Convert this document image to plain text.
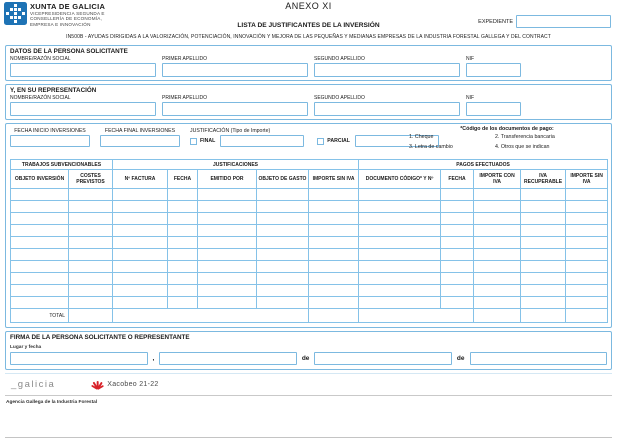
XUNTA DE GALICIA
VICEPRESIDENCIA SEGUNDA E
CONSELLERÍA DE ECONOMÍA,
EMPRESA E INNOVACIÓN
ANEXO XI
LISTA DE JUSTIFICANTES DE LA INVERSIÓN
EXPEDIENTE
IN500B - AYUDAS DIRIGIDAS A LA VALORIZACIÓN, POTENCIACIÓN, INNOVACIÓN Y MEJORA DE LAS PEQUEÑAS Y MEDIANAS EMPRESAS DE LA INDUSTRIA FORESTAL GALLEGA Y DEL CONTRACT
DATOS DE LA PERSONA SOLICITANTE
NOMBRE/RAZÓN SOCIAL	PRIMER APELLIDO	SEGUNDO APELLIDO	NIF
Y, EN SU REPRESENTACIÓN
NOMBRE/RAZÓN SOCIAL	PRIMER APELLIDO	SEGUNDO APELLIDO	NIF
FECHA INICIO INVERSIONES	FECHA FINAL INVERSIONES	JUSTIFICACIÓN (Tipo de Importe)
FINAL	PARCIAL
*Código de los documentos de pago:
1. Cheque	2. Transferencia bancaria
3. Letra de cambio	4. Otros que se indican
TRABAJOS SUBVENCIONABLES		JUSTIFICACIONES					PAGOS EFECTUADOS				
OBJETO INVERSIÓN	COSTES PREVISTOS	Nº FACTURA	FECHA	EMITIDO POR	OBJETO DE GASTO	IMPORTE SIN IVA	DOCUMENTO CÓDIGO* Y Nº	FECHA	IMPORTE CON IVA	IVA RECUPERABLE	IMPORTE SIN IVA

TOTAL											
FIRMA DE LA PERSONA SOLICITANTE O REPRESENTANTE
Lugar y fecha
,	de	de
_galicia	Xacobeo 21-22
Agencia Gallega de la Industria Forestal
